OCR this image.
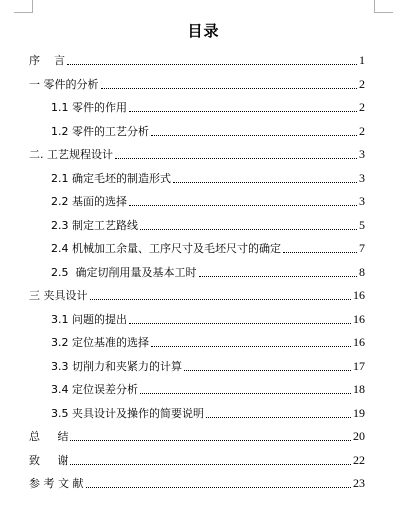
目录
序    言	1
一 零件的分析	2
1.1 零件的作用	2
1.2 零件的工艺分析	2
二. 工艺规程设计	3
2.1 确定毛坯的制造形式	3
2.2 基面的选择	3
2.3 制定工艺路线	5
2.4 机械加工余量、工序尺寸及毛坯尺寸的确定	7
2.5  确定切削用量及基本工时	8
三 夹具设计	16
3.1 问题的提出	16
3.2 定位基准的选择	16
3.3 切削力和夹紧力的计算	17
3.4 定位误差分析	18
3.5 夹具设计及操作的简要说明	19
总     结	20
致     谢	22
参 考 文 献	23
